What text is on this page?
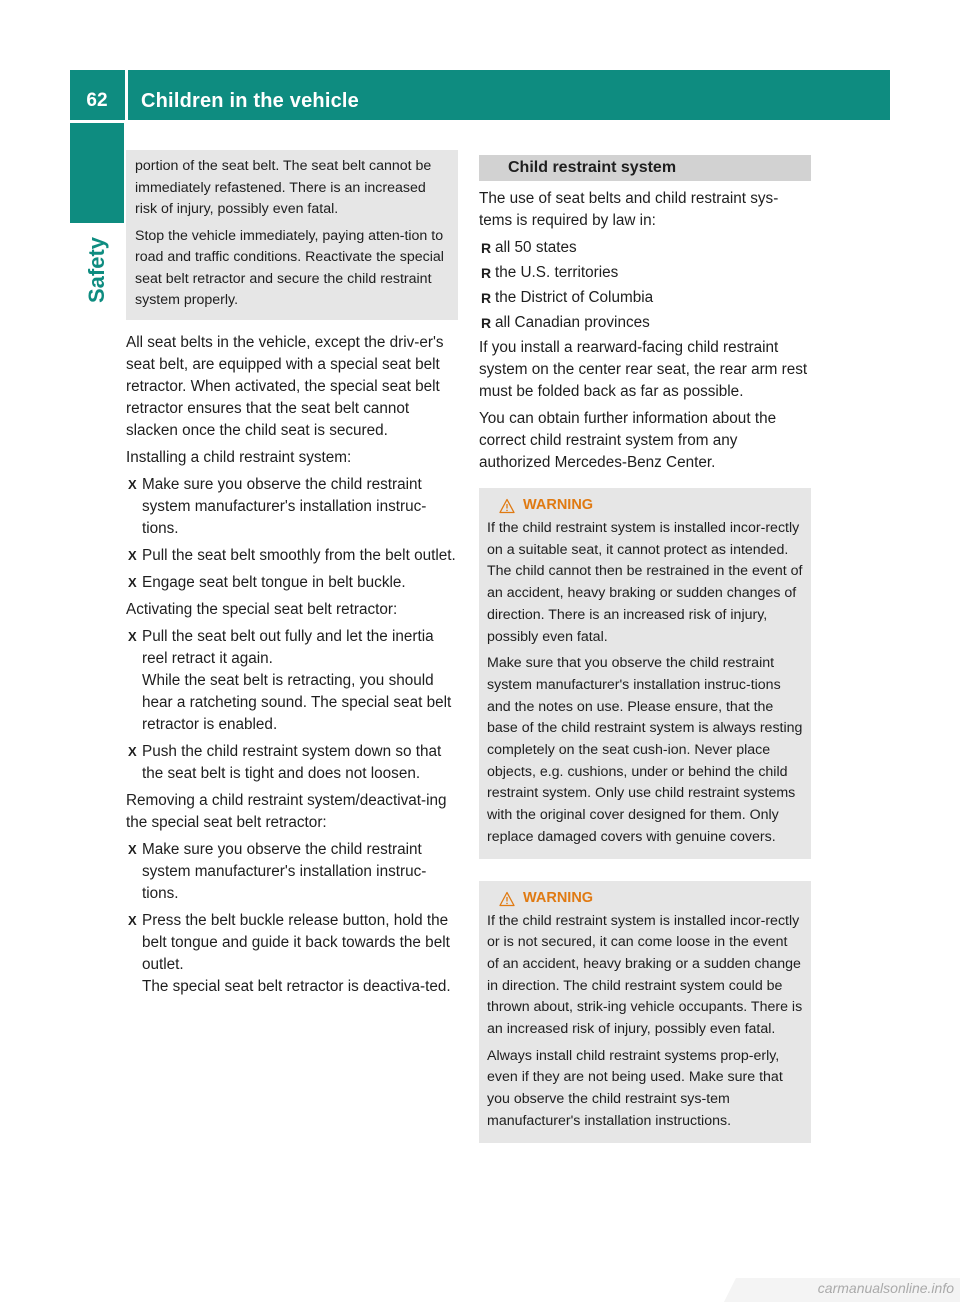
62	Children in the vehicle
Safety

portion of the seat belt. The seat belt cannot be immediately refastened. There is an increased risk of injury, possibly even fatal.

Stop the vehicle immediately, paying atten-tion to road and traffic conditions. Reactivate the special seat belt retractor and secure the child restraint system properly.

All seat belts in the vehicle, except the driv-er's seat belt, are equipped with a special seat belt retractor. When activated, the special seat belt retractor ensures that the seat belt cannot slacken once the child seat is secured.

Installing a child restraint system:

X Make sure you observe the child restraint system manufacturer's installation instruc-tions.
X Pull the seat belt smoothly from the belt outlet.
X Engage seat belt tongue in belt buckle.

Activating the special seat belt retractor:

X Pull the seat belt out fully and let the inertia reel retract it again.
While the seat belt is retracting, you should hear a ratcheting sound. The special seat belt retractor is enabled.
X Push the child restraint system down so that the seat belt is tight and does not loosen.

Removing a child restraint system/deactivat-ing the special seat belt retractor:

X Make sure you observe the child restraint system manufacturer's installation instruc-tions.
X Press the belt buckle release button, hold the belt tongue and guide it back towards the belt outlet.
The special seat belt retractor is deactiva-ted.
Child restraint system

The use of seat belts and child restraint sys-tems is required by law in:

R all 50 states
R the U.S. territories
R the District of Columbia
R all Canadian provinces

If you install a rearward-facing child restraint system on the center rear seat, the rear arm rest must be folded back as far as possible.

You can obtain further information about the correct child restraint system from any authorized Mercedes-Benz Center.

WARNING

If the child restraint system is installed incor-rectly on a suitable seat, it cannot protect as intended. The child cannot then be restrained in the event of an accident, heavy braking or sudden changes of direction. There is an increased risk of injury, possibly even fatal.

Make sure that you observe the child restraint system manufacturer's installation instruc-tions and the notes on use. Please ensure, that the base of the child restraint system is always resting completely on the seat cush-ion. Never place objects, e.g. cushions, under or behind the child restraint system. Only use child restraint systems with the original cover designed for them. Only replace damaged covers with genuine covers.

WARNING

If the child restraint system is installed incor-rectly or is not secured, it can come loose in the event of an accident, heavy braking or a sudden change in direction. The child restraint system could be thrown about, strik-ing vehicle occupants. There is an increased risk of injury, possibly even fatal.

Always install child restraint systems prop-erly, even if they are not being used. Make sure that you observe the child restraint sys-tem manufacturer's installation instructions.

carmanualsonline.info
